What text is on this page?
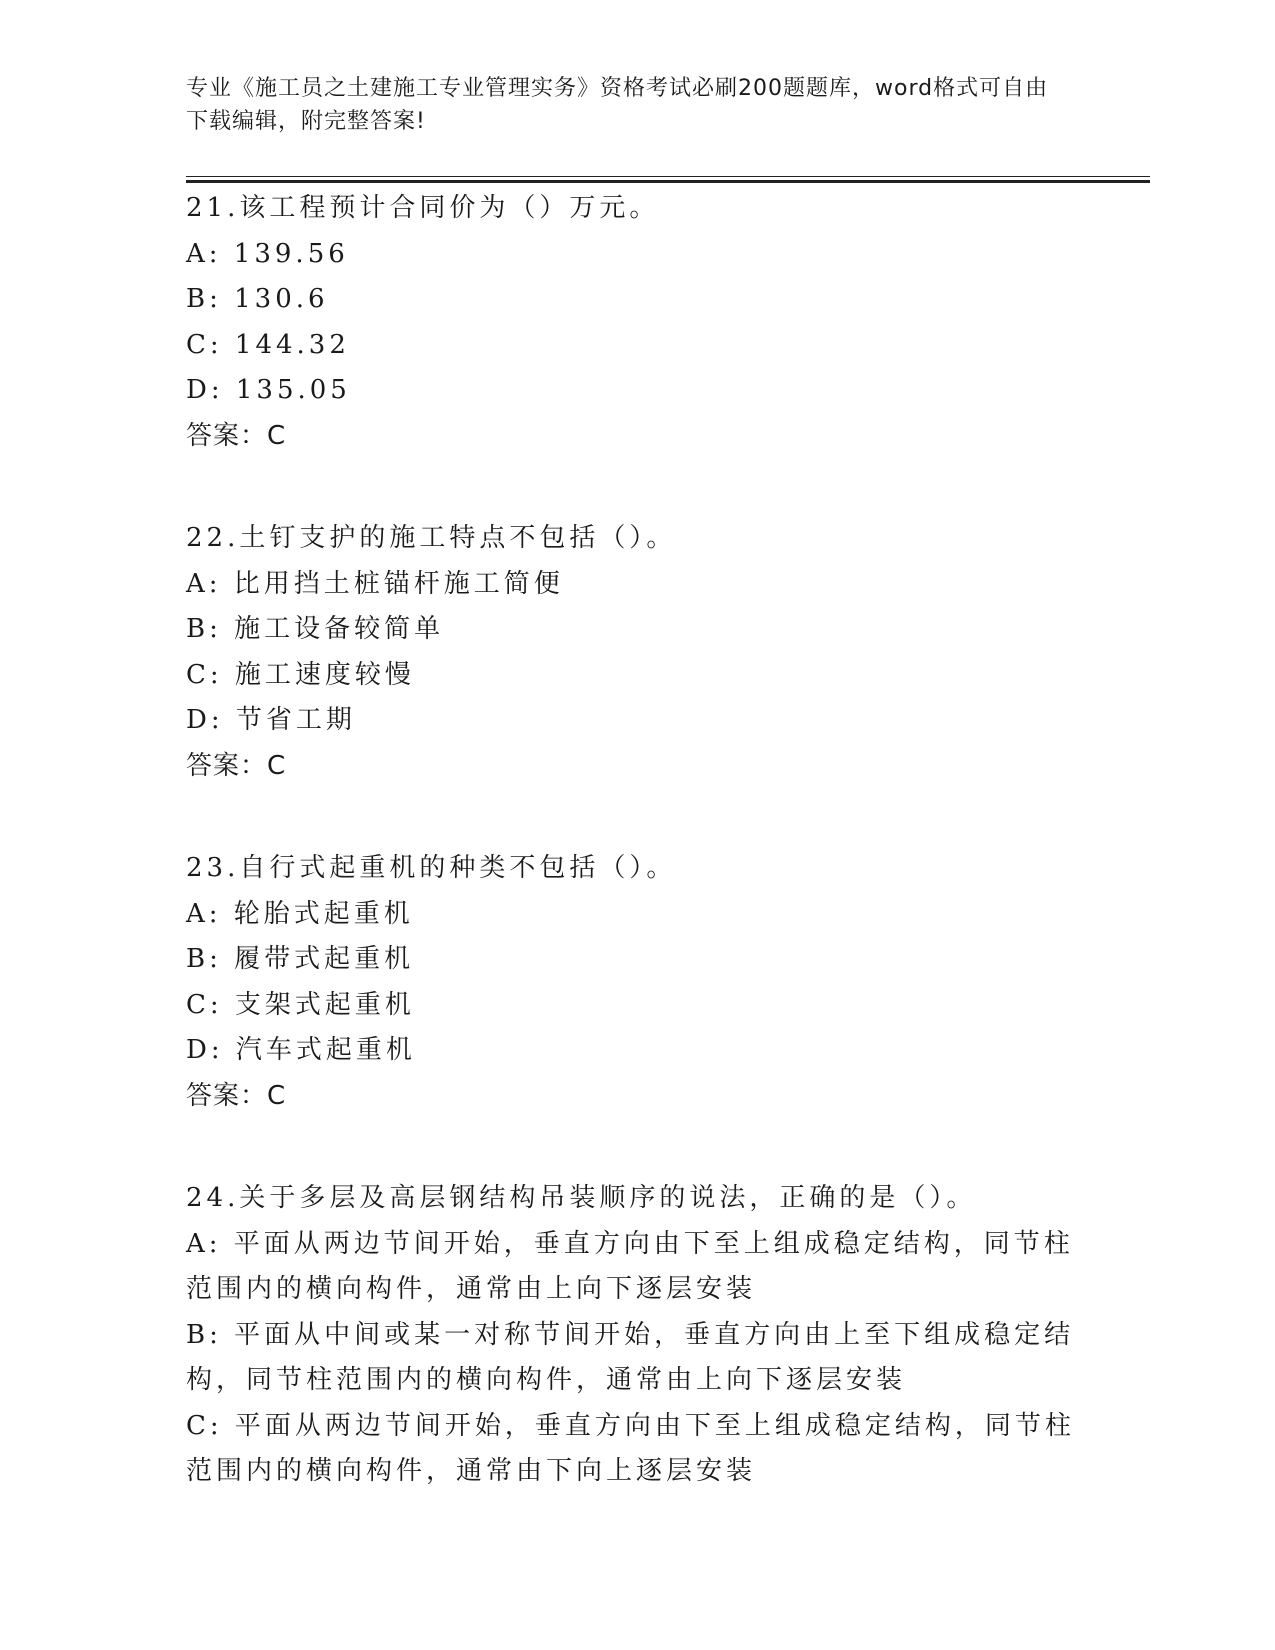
专业《施工员之土建施工专业管理实务》资格考试必刷200题题库，word格式可自由下载编辑，附完整答案!
21.该工程预计合同价为（）万元。
A: 139.56
B: 130.6
C: 144.32
D: 135.05
答案：C
22.土钉支护的施工特点不包括（）。
A: 比用挡土桩锚杆施工简便
B: 施工设备较简单
C: 施工速度较慢
D: 节省工期
答案：C
23.自行式起重机的种类不包括（）。
A: 轮胎式起重机
B: 履带式起重机
C: 支架式起重机
D: 汽车式起重机
答案：C
24.关于多层及高层钢结构吊装顺序的说法，正确的是（）。
A: 平面从两边节间开始，垂直方向由下至上组成稳定结构，同节柱范围内的横向构件，通常由上向下逐层安装
B: 平面从中间或某一对称节间开始，垂直方向由上至下组成稳定结构，同节柱范围内的横向构件，通常由上向下逐层安装
C: 平面从两边节间开始，垂直方向由下至上组成稳定结构，同节柱范围内的横向构件，通常由下向上逐层安装
